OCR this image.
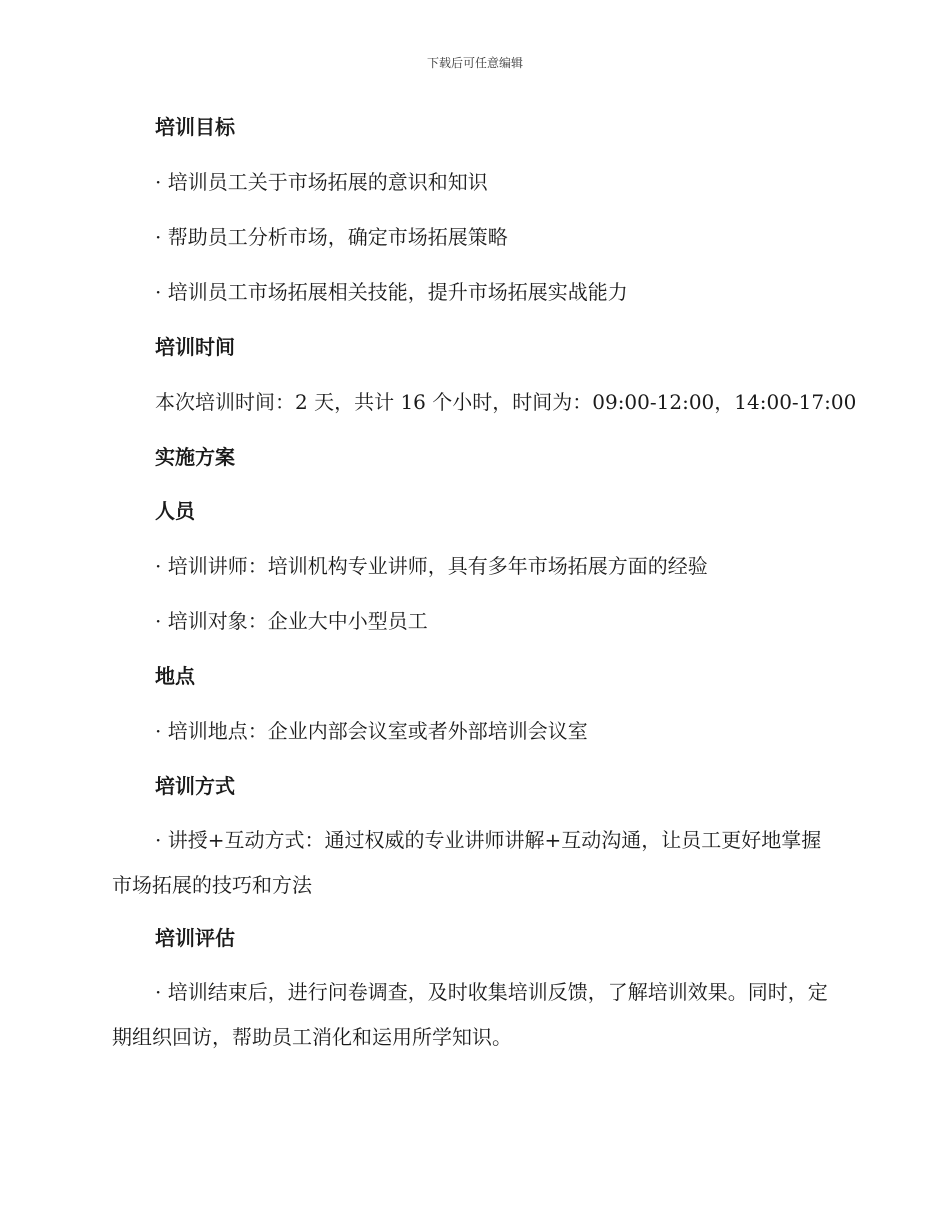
下载后可任意编辑
培训目标
· 培训员工关于市场拓展的意识和知识
· 帮助员工分析市场，确定市场拓展策略
· 培训员工市场拓展相关技能，提升市场拓展实战能力
培训时间
本次培训时间：2 天，共计 16 个小时，时间为：09:00-12:00，14:00-17:00
实施方案
人员
· 培训讲师：培训机构专业讲师，具有多年市场拓展方面的经验
· 培训对象：企业大中小型员工
地点
· 培训地点：企业内部会议室或者外部培训会议室
培训方式
· 讲授+互动方式：通过权威的专业讲师讲解+互动沟通，让员工更好地掌握市场拓展的技巧和方法
培训评估
· 培训结束后，进行问卷调查，及时收集培训反馈，了解培训效果。同时，定期组织回访，帮助员工消化和运用所学知识。
